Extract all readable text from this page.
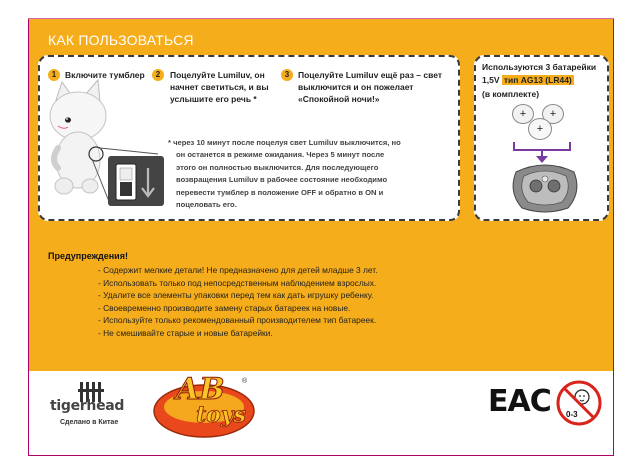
КАК ПОЛЬЗОВАТЬСЯ
1	Включите тумблер	2	Поцелуйте Lumiluv, он
начнет светиться, и вы
услышите его речь *
3	Поцелуйте Lumiluv ещё раз – свет
выключится и он пожелает
«Спокойной ночи!»
* через 10 минут после поцелуя свет Lumiluv выключится, но
он останется в режиме ожидания. Через 5 минут после
этого он полностью выключится. Для последующего
возвращения Lumiluv в рабочее состояние необходимо
перевести тумблер в положение OFF и обратно в ON и
поцеловать его.
Используются 3 батарейки
1,5V тип AG13 (LR44)
(в комплекте)
+	+
+
Предупреждения!
- Содержит мелкие детали! Не предназначено для детей младше 3 лет.
- Использовать только под непосредственным наблюдением взрослых.
- Удалите все элементы упаковки перед тем как дать игрушку ребенку.
- Своевременно производите замену старых батареек на новые.
- Используйте только рекомендованный производителем тип батареек.
- Не смешивайте старые и новые батарейки.
tigerhead
Сделано в Китае
AB
toys
®
ЕАС 0-3
